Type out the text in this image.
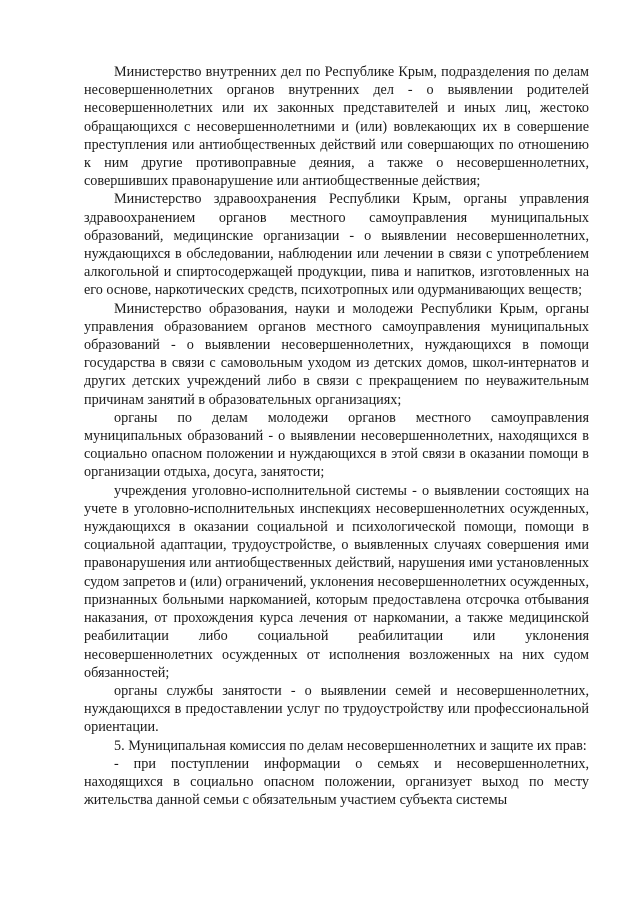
Министерство внутренних дел по Республике Крым, подразделения по делам несовершеннолетних органов внутренних дел - о выявлении родителей несовершеннолетних или их законных представителей и иных лиц, жестоко обращающихся с несовершеннолетними и (или) вовлекающих их в совершение преступления или антиобщественных действий или совершающих по отношению к ним другие противоправные деяния, а также о несовершеннолетних, совершивших правонарушение или антиобщественные действия;

Министерство здравоохранения Республики Крым, органы управления здравоохранением органов местного самоуправления муниципальных образований, медицинские организации - о выявлении несовершеннолетних, нуждающихся в обследовании, наблюдении или лечении в связи с употреблением алкогольной и спиртосодержащей продукции, пива и напитков, изготовленных на его основе, наркотических средств, психотропных или одурманивающих веществ;

Министерство образования, науки и молодежи Республики Крым, органы управления образованием органов местного самоуправления муниципальных образований - о выявлении несовершеннолетних, нуждающихся в помощи государства в связи с самовольным уходом из детских домов, школ-интернатов и других детских учреждений либо в связи с прекращением по неуважительным причинам занятий в образовательных организациях;

органы по делам молодежи органов местного самоуправления муниципальных образований - о выявлении несовершеннолетних, находящихся в социально опасном положении и нуждающихся в этой связи в оказании помощи в организации отдыха, досуга, занятости;

учреждения уголовно-исполнительной системы - о выявлении состоящих на учете в уголовно-исполнительных инспекциях несовершеннолетних осужденных, нуждающихся в оказании социальной и психологической помощи, помощи в социальной адаптации, трудоустройстве, о выявленных случаях совершения ими правонарушения или антиобщественных действий, нарушения ими установленных судом запретов и (или) ограничений, уклонения несовершеннолетних осужденных, признанных больными наркоманией, которым предоставлена отсрочка отбывания наказания, от прохождения курса лечения от наркомании, а также медицинской реабилитации либо социальной реабилитации или уклонения несовершеннолетних осужденных от исполнения возложенных на них судом обязанностей;

органы службы занятости - о выявлении семей и несовершеннолетних, нуждающихся в предоставлении услуг по трудоустройству или профессиональной ориентации.

5. Муниципальная комиссия по делам несовершеннолетних и защите их прав:

- при поступлении информации о семьях и несовершеннолетних, находящихся в социально опасном положении, организует выход по месту жительства данной семьи с обязательным участием субъекта системы
